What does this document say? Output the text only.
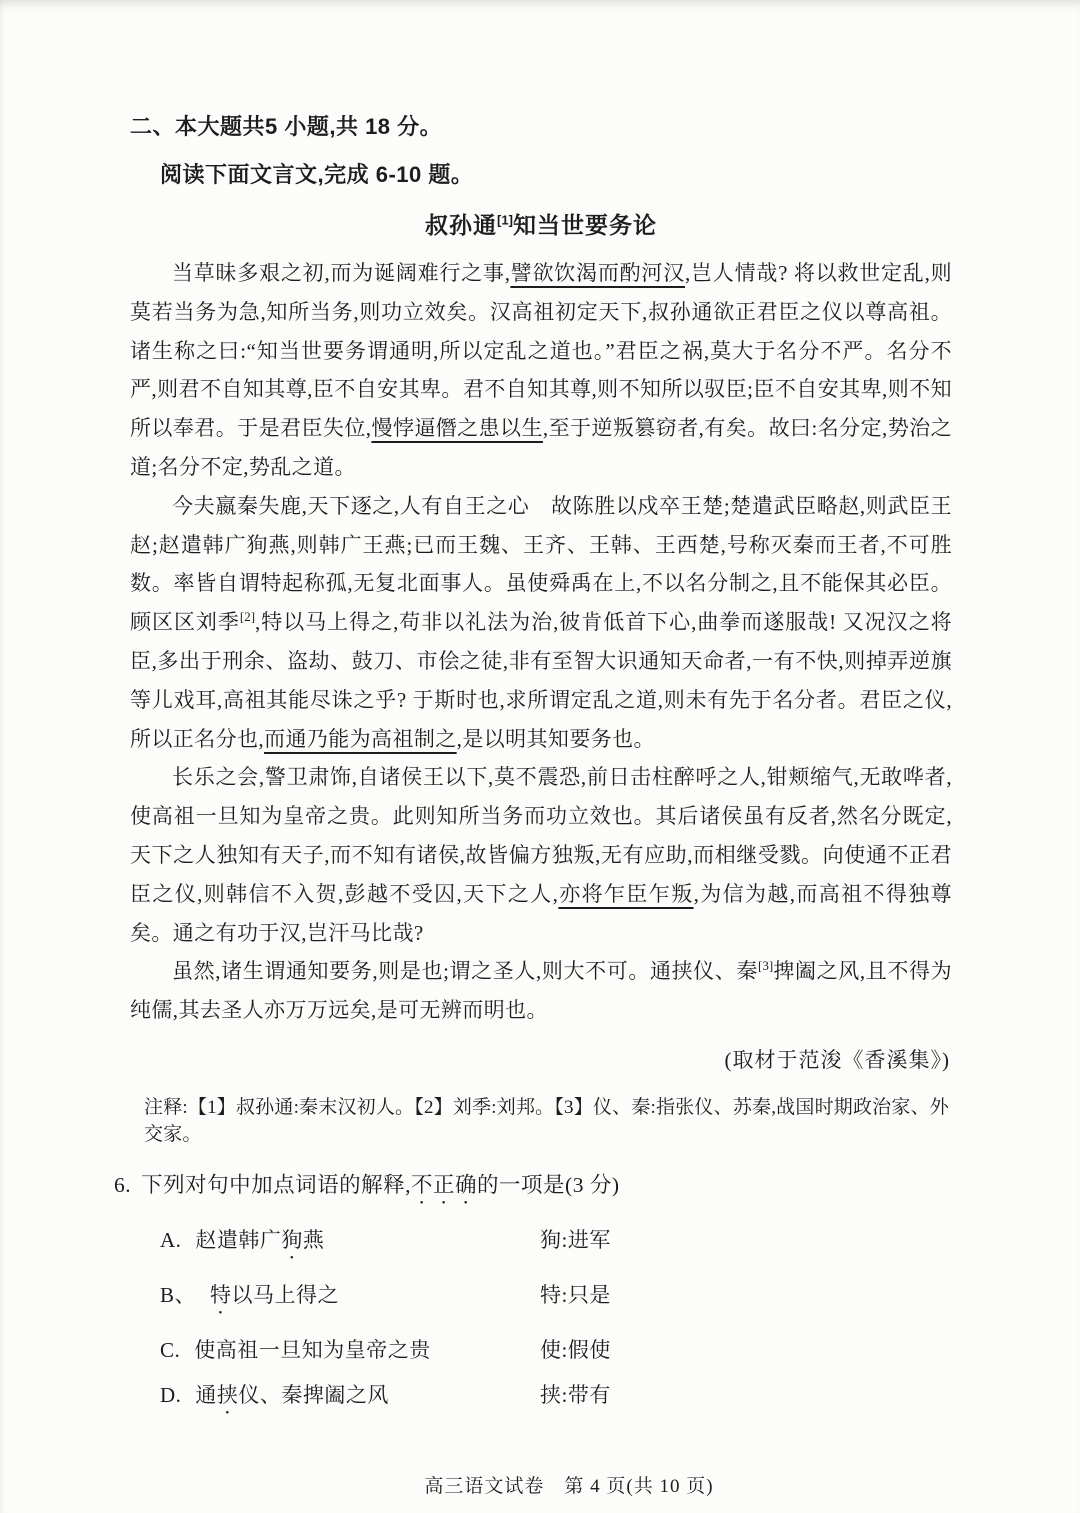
二、本大题共5 小题,共 18 分。

阅读下面文言文,完成 6-10 题。

叔孙通[1]知当世要务论

当草昧多艰之初,而为诞阔难行之事,譬欲饮渴而酌河汉,岂人情哉? 将以救世定乱,则莫若当务为急,知所当务,则功立效矣。汉高祖初定天下,叔孙通欲正君臣之仪以尊高祖。诸生称之曰:“知当世要务谓通明,所以定乱之道也。”君臣之祸,莫大于名分不严。名分不严,则君不自知其尊,臣不自安其卑。君不自知其尊,则不知所以驭臣;臣不自安其卑,则不知所以奉君。于是君臣失位,慢悖逼僭之患以生,至于逆叛篡窃者,有矣。故曰:名分定,势治之道;名分不定,势乱之道。

今夫嬴秦失鹿,天下逐之,人有自王之心　故陈胜以戍卒王楚;楚遣武臣略赵,则武臣王赵;赵遣韩广狥燕,则韩广王燕;已而王魏、王齐、王韩、王西楚,号称灭秦而王者,不可胜数。率皆自谓特起称孤,无复北面事人。虽使舜禹在上,不以名分制之,且不能保其必臣。顾区区刘季[2],特以马上得之,苟非以礼法为治,彼肯低首下心,曲拳而遂服哉! 又况汉之将臣,多出于刑余、盗劫、鼓刀、市侩之徒,非有至智大识通知天命者,一有不快,则掉弄逆旗等儿戏耳,高祖其能尽诛之乎? 于斯时也,求所谓定乱之道,则未有先于名分者。君臣之仪,所以正名分也,而通乃能为高祖制之,是以明其知要务也。

长乐之会,警卫肃饰,自诸侯王以下,莫不震恐,前日击柱醉呼之人,钳颊缩气,无敢哗者,使高祖一旦知为皇帝之贵。此则知所当务而功立效也。其后诸侯虽有反者,然名分既定,天下之人独知有天子,而不知有诸侯,故皆偏方独叛,无有应助,而相继受戮。向使通不正君臣之仪,则韩信不入贺,彭越不受囚,天下之人,亦将乍臣乍叛,为信为越,而高祖不得独尊矣。通之有功于汉,岂汗马比哉?

虽然,诸生谓通知要务,则是也;谓之圣人,则大不可。通挟仪、秦[3]捭阖之风,且不得为纯儒,其去圣人亦万万远矣,是可无辨而明也。

(取材于范浚《香溪集》)

注释:【1】叔孙通:秦末汉初人。【2】刘季:刘邦。【3】仪、秦:指张仪、苏秦,战国时期政治家、外交家。

6. 下列对句中加点词语的解释,不正确的一项是(3 分)
A. 赵遣韩广狥燕	狥:进军
B、 特以马上得之	特:只是
C. 使高祖一旦知为皇帝之贵	使:假使
D. 通挟仪、秦捭阖之风	挟:带有
高三语文试卷　第 4 页(共 10 页)
